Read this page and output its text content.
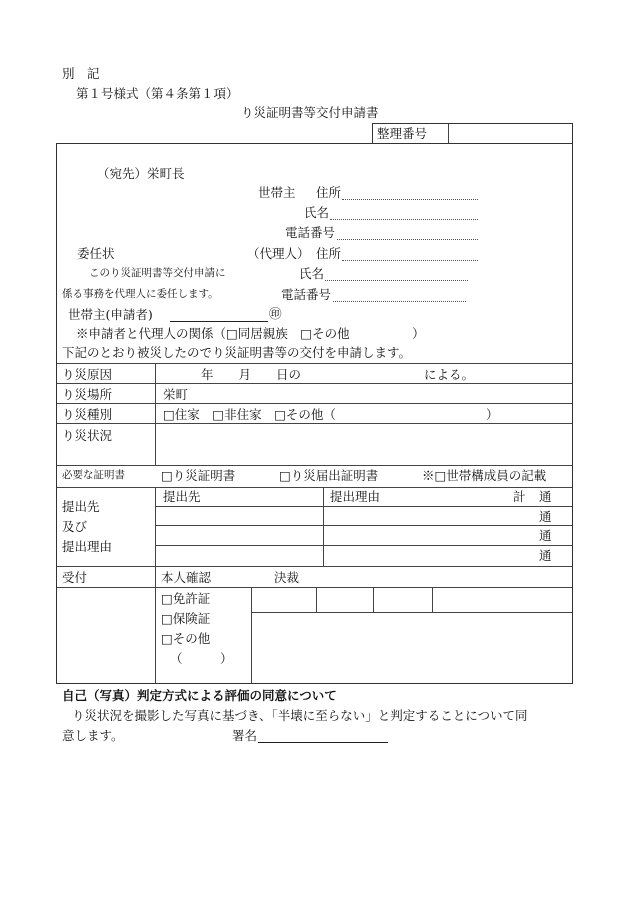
別　記
第１号様式（第４条第１項）
り災証明書等交付申請書
整理番号
（宛先）栄町長
世帯主 住所
氏名
電話番号
委任状	（代理人） 住所
このり災証明書等交付申請に	氏名
係る事務を代理人に委任します。	電話番号
世帯主(申請者)	㊞
※申請者と代理人の関係（□同居親族　□その他　　　　　）
下記のとおり被災したのでり災証明書等の交付を申請します。
り災原因	年　　月　　日の	による。
り災場所	栄町
り災種別	□住家　□非住家　□その他（	）
り災状況
必要な証明書	□り災証明書	□り災届出証明書	※□世帯構成員の記載
提出先
及び
提出理由
提出先	提出理由	計 通
通
通
通
受付	本人確認	決裁
□免許証
□保険証
□その他
（　　　）
自己（写真）判定方式による評価の同意について
り災状況を撮影した写真に基づき、「半壊に至らない」と判定することについて同
意します。	署名
